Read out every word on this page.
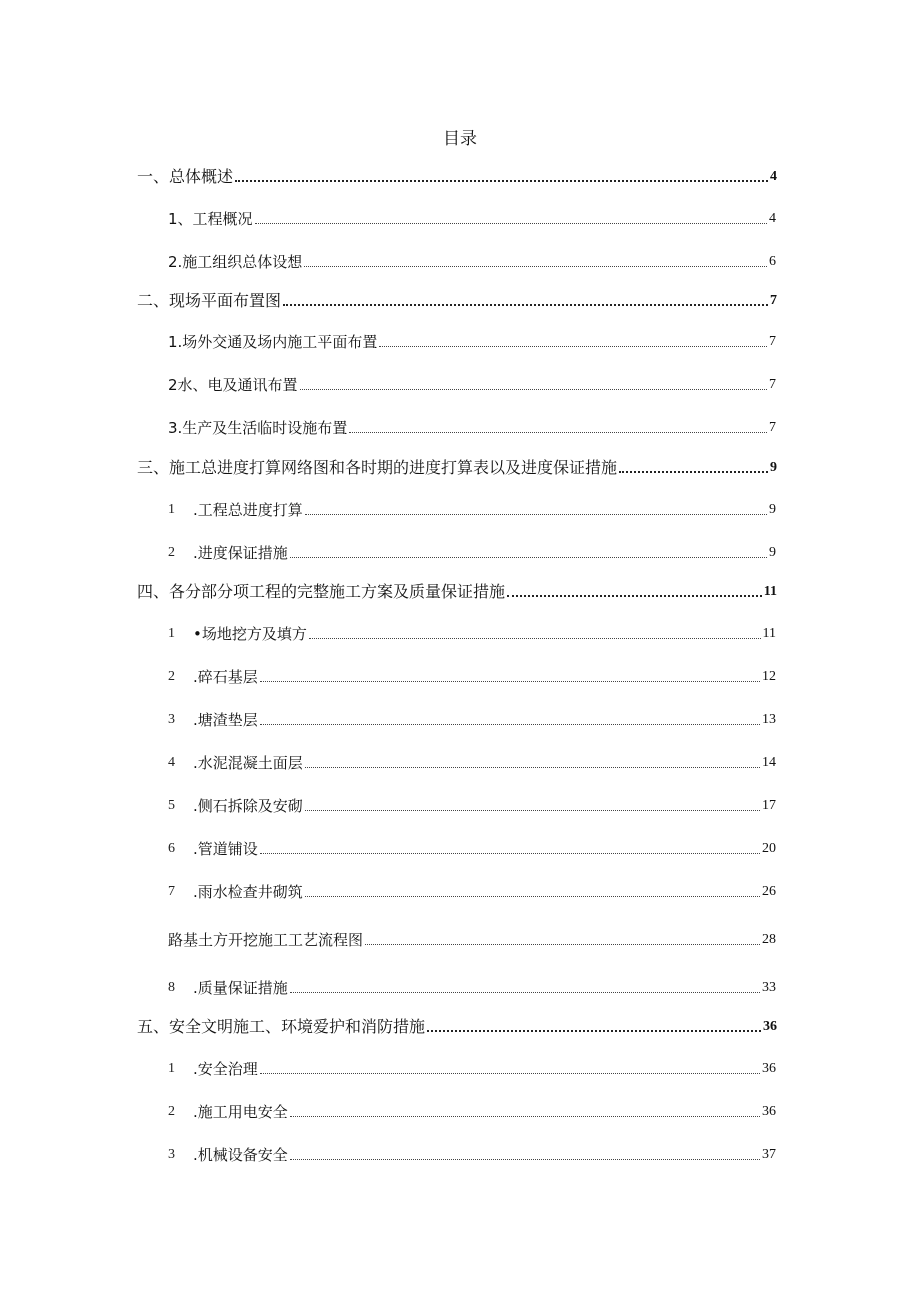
目录
一、总体概述	4
1、工程概况	4
2.施工组织总体设想	6
二、现场平面布置图	7
1.场外交通及场内施工平面布置	7
2水、电及通讯布置	7
3.生产及生活临时设施布置	7
三、施工总进度打算网络图和各时期的进度打算表以及进度保证措施	9
1 .工程总进度打算	9
2 .进度保证措施	9
四、各分部分项工程的完整施工方案及质量保证措施	11
1 •场地挖方及填方	11
2 .碎石基层	12
3 .塘渣垫层	13
4 .水泥混凝土面层	14
5 .侧石拆除及安砌	17
6 .管道铺设	20
7 .雨水检查井砌筑	26
路基土方开挖施工工艺流程图	28
8 .质量保证措施	33
五、安全文明施工、环境爱护和消防措施	36
1 .安全治理	36
2 .施工用电安全	36
3 .机械设备安全	37
